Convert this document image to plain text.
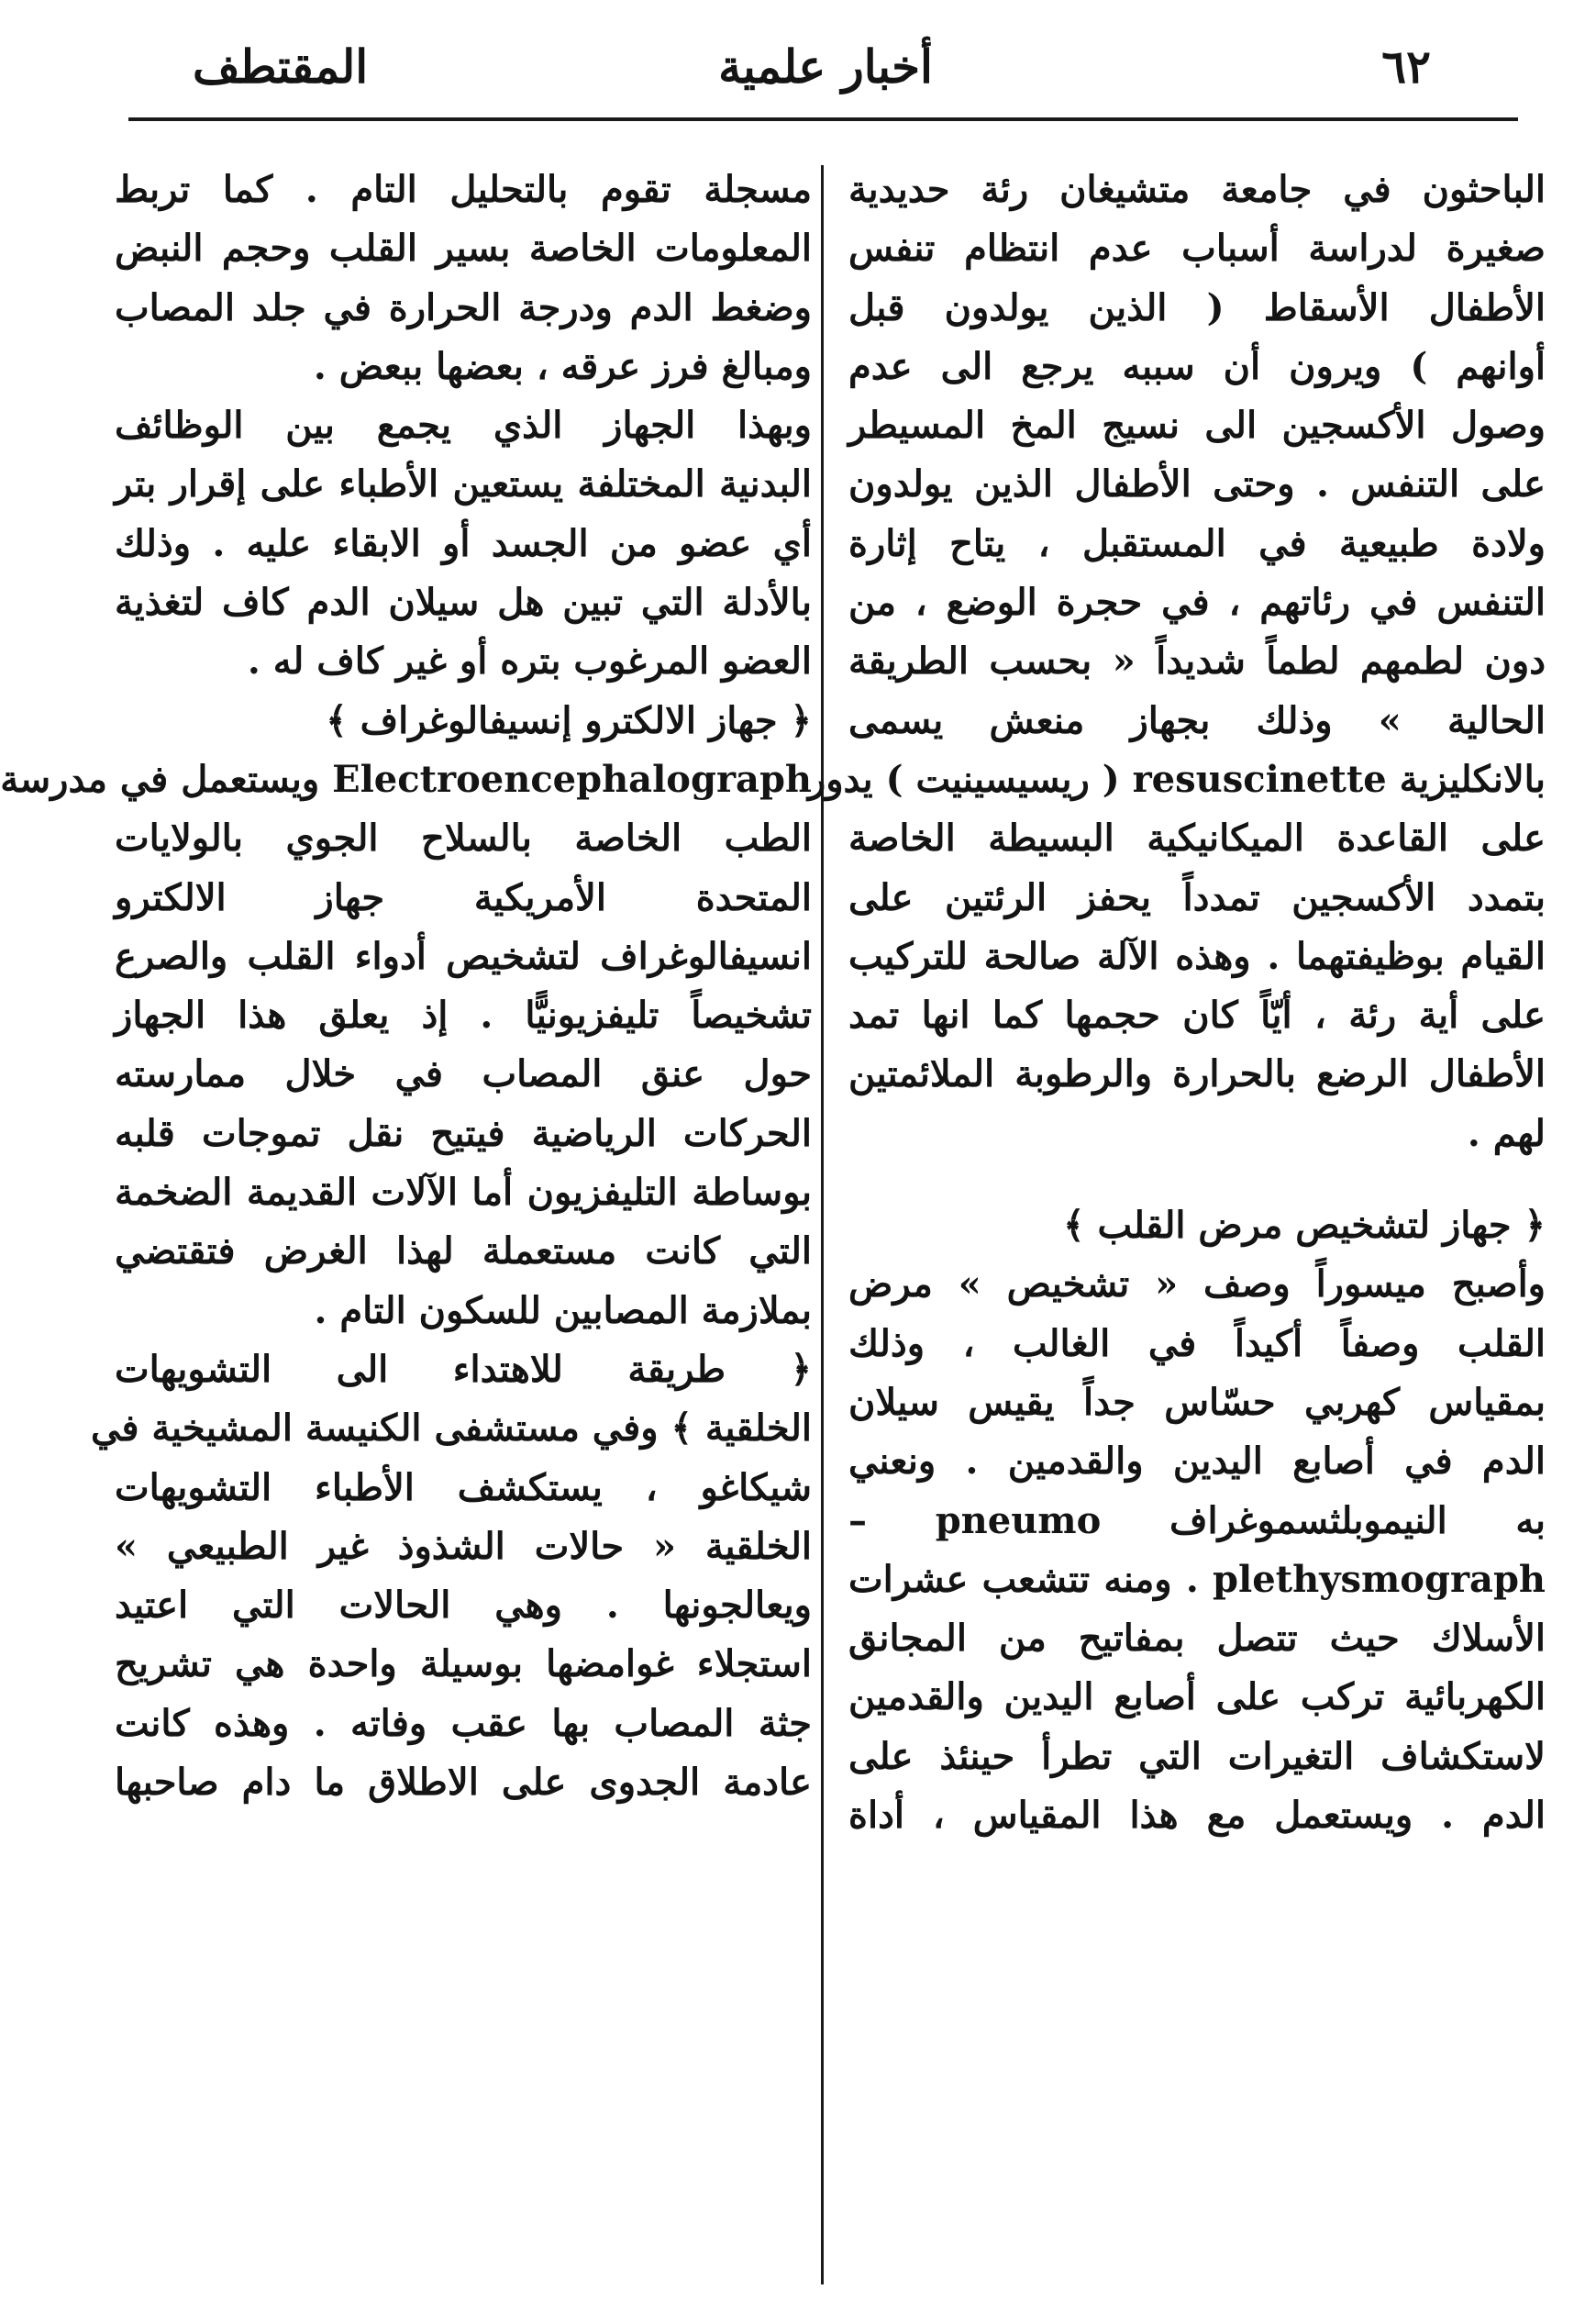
٦٢
أخبار علمية
المقتطف
الباحثون في جامعة متشيغان رئة حديدية
صغيرة لدراسة أسباب عدم انتظام تنفس
الأطفال الأسقاط ( الذين يولدون قبل
أوانهم ) ويرون أن سببه يرجع الى عدم
وصول الأكسجين الى نسيج المخ المسيطر
على التنفس . وحتى الأطفال الذين يولدون
ولادة طبيعية في المستقبل ، يتاح إثارة
التنفس في رئاتهم ، في حجرة الوضع ، من
دون لطمهم لطماً شديداً « بحسب الطريقة
الحالية » وذلك بجهاز منعش يسمى
بالانكليزية resuscinette ( ريسيسينيت ) يدور
على القاعدة الميكانيكية البسيطة الخاصة
بتمدد الأكسجين تمدداً يحفز الرئتين على
القيام بوظيفتهما . وهذه الآلة صالحة للتركيب
على أية رئة ، أيّاً كان حجمها كما انها تمد
الأطفال الرضع بالحرارة والرطوبة الملائمتين
لهم .
﴿ جهاز لتشخيص مرض القلب ﴾
وأصبح ميسوراً وصف « تشخيص » مرض
القلب وصفاً أكيداً في الغالب ، وذلك
بمقياس كهربي حسّاس جداً يقيس سيلان
الدم في أصابع اليدين والقدمين . ونعني
به النيموبلثسموغراف pneumo –
plethysmograph . ومنه تتشعب عشرات
الأسلاك حيث تتصل بمفاتيح من المجانق
الكهربائية تركب على أصابع اليدين والقدمين
لاستكشاف التغيرات التي تطرأ حينئذ على
الدم . ويستعمل مع هذا المقياس ، أداة
مسجلة تقوم بالتحليل التام . كما تربط
المعلومات الخاصة بسير القلب وحجم النبض
وضغط الدم ودرجة الحرارة في جلد المصاب
ومبالغ فرز عرقه ، بعضها ببعض .
وبهذا الجهاز الذي يجمع بين الوظائف
البدنية المختلفة يستعين الأطباء على إقرار بتر
أي عضو من الجسد أو الابقاء عليه . وذلك
بالأدلة التي تبين هل سيلان الدم كاف لتغذية
العضو المرغوب بتره أو غير كاف له .
﴿ جهاز الالكترو إنسيفالوغراف ﴾
Electroencephalograph ويستعمل في مدرسة
الطب الخاصة بالسلاح الجوي بالولايات
المتحدة الأمريكية جهاز الالكترو
انسيفالوغراف لتشخيص أدواء القلب والصرع
تشخيصاً تليفزيونيًّا . إذ يعلق هذا الجهاز
حول عنق المصاب في خلال ممارسته
الحركات الرياضية فيتيح نقل تموجات قلبه
بوساطة التليفزيون أما الآلات القديمة الضخمة
التي كانت مستعملة لهذا الغرض فتقتضي
بملازمة المصابين للسكون التام .
﴿ طريقة للاهتداء الى التشويهات
الخلقية ﴾ وفي مستشفى الكنيسة المشيخية في
شيكاغو ، يستكشف الأطباء التشويهات
الخلقية « حالات الشذوذ غير الطبيعي »
ويعالجونها . وهي الحالات التي اعتيد
استجلاء غوامضها بوسيلة واحدة هي تشريح
جثة المصاب بها عقب وفاته . وهذه كانت
عادمة الجدوى على الاطلاق ما دام صاحبها
